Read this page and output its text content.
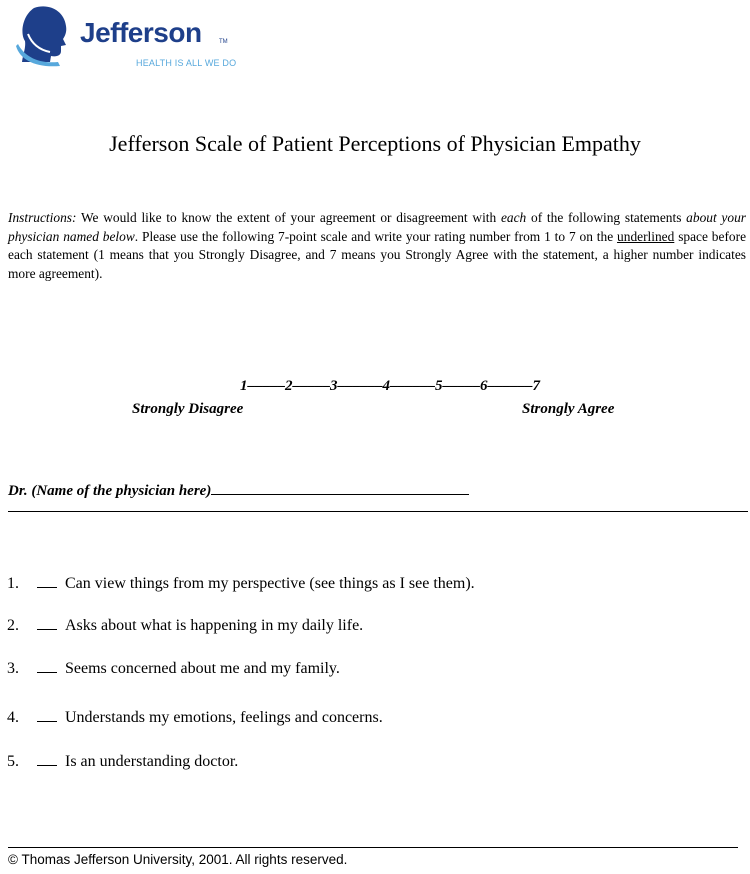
Jefferson	TM
HEALTH IS ALL WE DO
Jefferson Scale of Patient Perceptions of Physician Empathy
Instructions: We would like to know the extent of your agreement or disagreement with each of the following statements about your physician named below. Please use the following 7-point scale and write your rating number from 1 to 7 on the underlined space before each statement (1 means that you Strongly Disagree, and 7 means you Strongly Agree with the statement, a higher number indicates more agreement).
1–––––2–––––3––––––4––––––5–––––6––––––7
Strongly Disagree	Strongly Agree
Dr. (Name of the physician here)
1.	Can view things from my perspective (see things as I see them).
2.	Asks about what is happening in my daily life.
3.	Seems concerned about me and my family.
4.	Understands my emotions, feelings and concerns.
5.	Is an understanding doctor.
© Thomas Jefferson University, 2001. All rights reserved.
